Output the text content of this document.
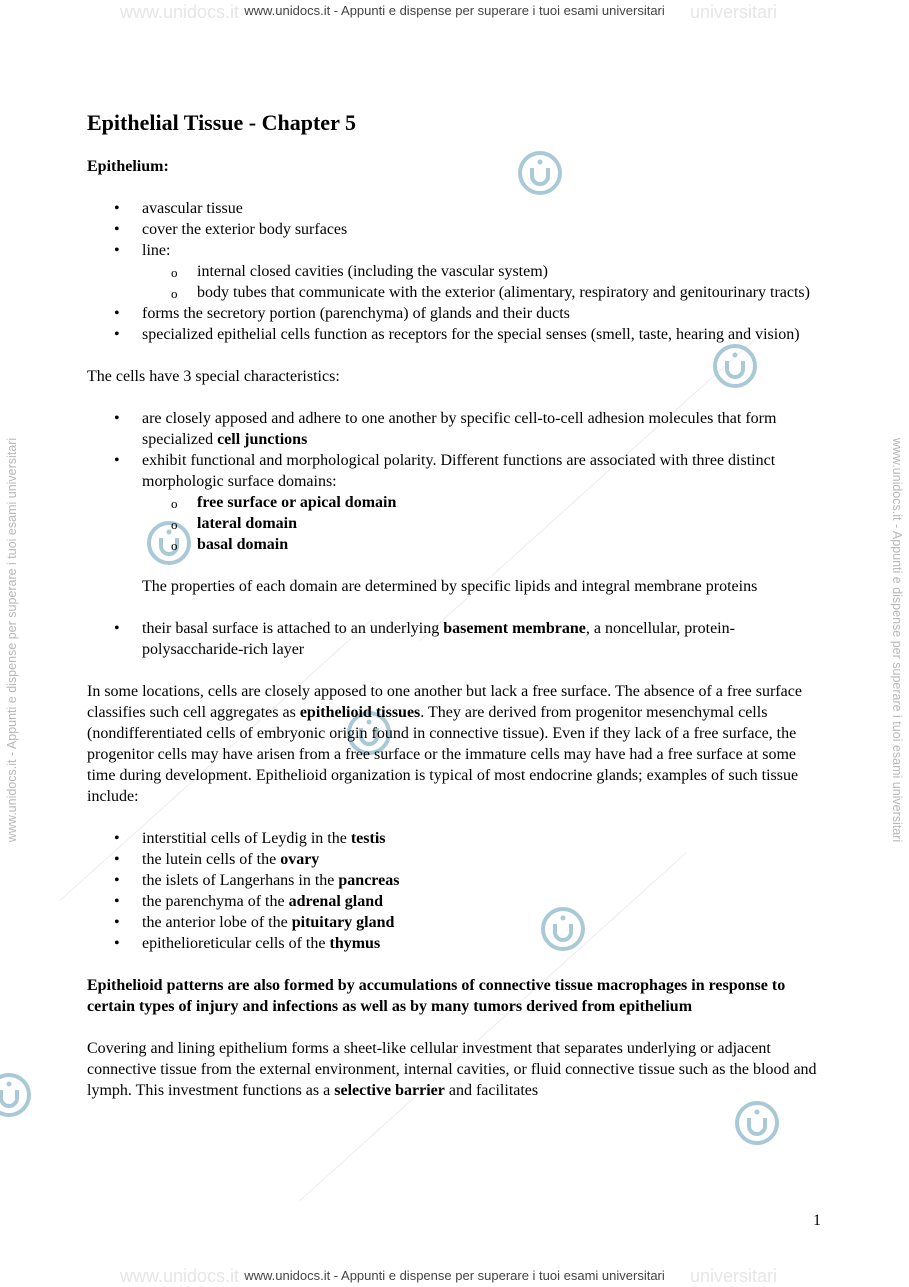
www.unidocs.it	universitari
www.unidocs.it	universitari
www.unidocs.it - Appunti e dispense per superare i tuoi esami universitari
www.unidocs.it - Appunti e dispense per superare i tuoi esami universitari
www.unidocs.it - Appunti e dispense per superare i tuoi esami universitari	www.unidocs.it - Appunti e dispense per superare i tuoi esami universitari
Epithelial Tissue - Chapter 5

Epithelium:

• avascular tissue
• cover the exterior body surfaces
• line:
o internal closed cavities (including the vascular system)
o body tubes that communicate with the exterior (alimentary, respiratory and genitourinary tracts)
• forms the secretory portion (parenchyma) of glands and their ducts
• specialized epithelial cells function as receptors for the special senses (smell, taste, hearing and vision)

The cells have 3 special characteristics:

• are closely apposed and adhere to one another by specific cell-to-cell adhesion molecules that form specialized cell junctions
• exhibit functional and morphological polarity. Different functions are associated with three distinct morphologic surface domains:
o free surface or apical domain
o lateral domain
o basal domain

The properties of each domain are determined by specific lipids and integral membrane proteins

• their basal surface is attached to an underlying basement membrane, a noncellular, protein-polysaccharide-rich layer

In some locations, cells are closely apposed to one another but lack a free surface. The absence of a free surface classifies such cell aggregates as epithelioid tissues. They are derived from progenitor mesenchymal cells (nondifferentiated cells of embryonic origin found in connective tissue). Even if they lack of a free surface, the progenitor cells may have arisen from a free surface or the immature cells may have had a free surface at some time during development. Epithelioid organization is typical of most endocrine glands; examples of such tissue include:

• interstitial cells of Leydig in the testis
• the lutein cells of the ovary
• the islets of Langerhans in the pancreas
• the parenchyma of the adrenal gland
• the anterior lobe of the pituitary gland
• epithelioreticular cells of the thymus

Epithelioid patterns are also formed by accumulations of connective tissue macrophages in response to certain types of injury and infections as well as by many tumors derived from epithelium

Covering and lining epithelium forms a sheet-like cellular investment that separates underlying or adjacent connective tissue from the external environment, internal cavities, or fluid connective tissue such as the blood and lymph. This investment functions as a selective barrier and facilitates

1
